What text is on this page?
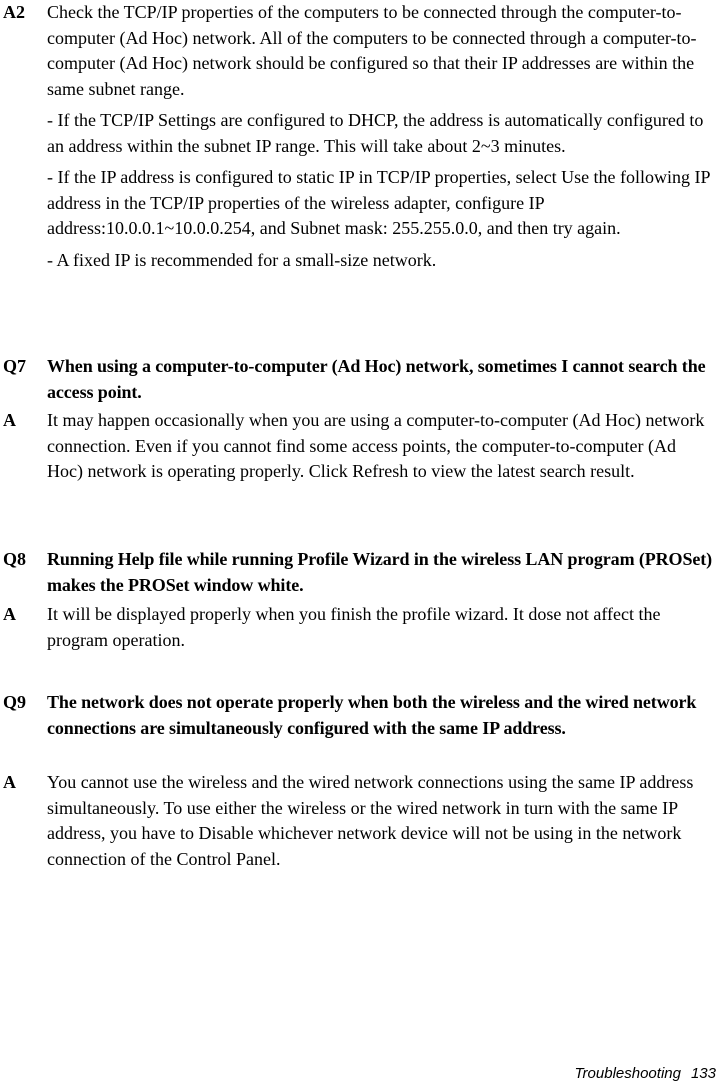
A2 Check the TCP/IP properties of the computers to be connected through the computer-to-computer (Ad Hoc) network. All of the computers to be connected through a computer-to-computer (Ad Hoc) network should be configured so that their IP addresses are within the same subnet range.

- If the TCP/IP Settings are configured to DHCP, the address is automatically configured to an address within the subnet IP range. This will take about 2~3 minutes.

- If the IP address is configured to static IP in TCP/IP properties, select Use the following IP address in the TCP/IP properties of the wireless adapter, configure IP address:10.0.0.1~10.0.0.254, and Subnet mask: 255.255.0.0, and then try again.

- A fixed IP is recommended for a small-size network.

Q7 When using a computer-to-computer (Ad Hoc) network, sometimes I cannot search the access point.
A It may happen occasionally when you are using a computer-to-computer (Ad Hoc) network connection. Even if you cannot find some access points, the computer-to-computer (Ad Hoc) network is operating properly. Click Refresh to view the latest search result.
Q8 Running Help file while running Profile Wizard in the wireless LAN program (PROSet) makes the PROSet window white.
A It will be displayed properly when you finish the profile wizard. It dose not affect the program operation.
Q9 The network does not operate properly when both the wireless and the wired network connections are simultaneously configured with the same IP address.
A You cannot use the wireless and the wired network connections using the same IP address simultaneously. To use either the wireless or the wired network in turn with the same IP address, you have to Disable whichever network device will not be using in the network connection of the Control Panel.
Troubleshooting 133
